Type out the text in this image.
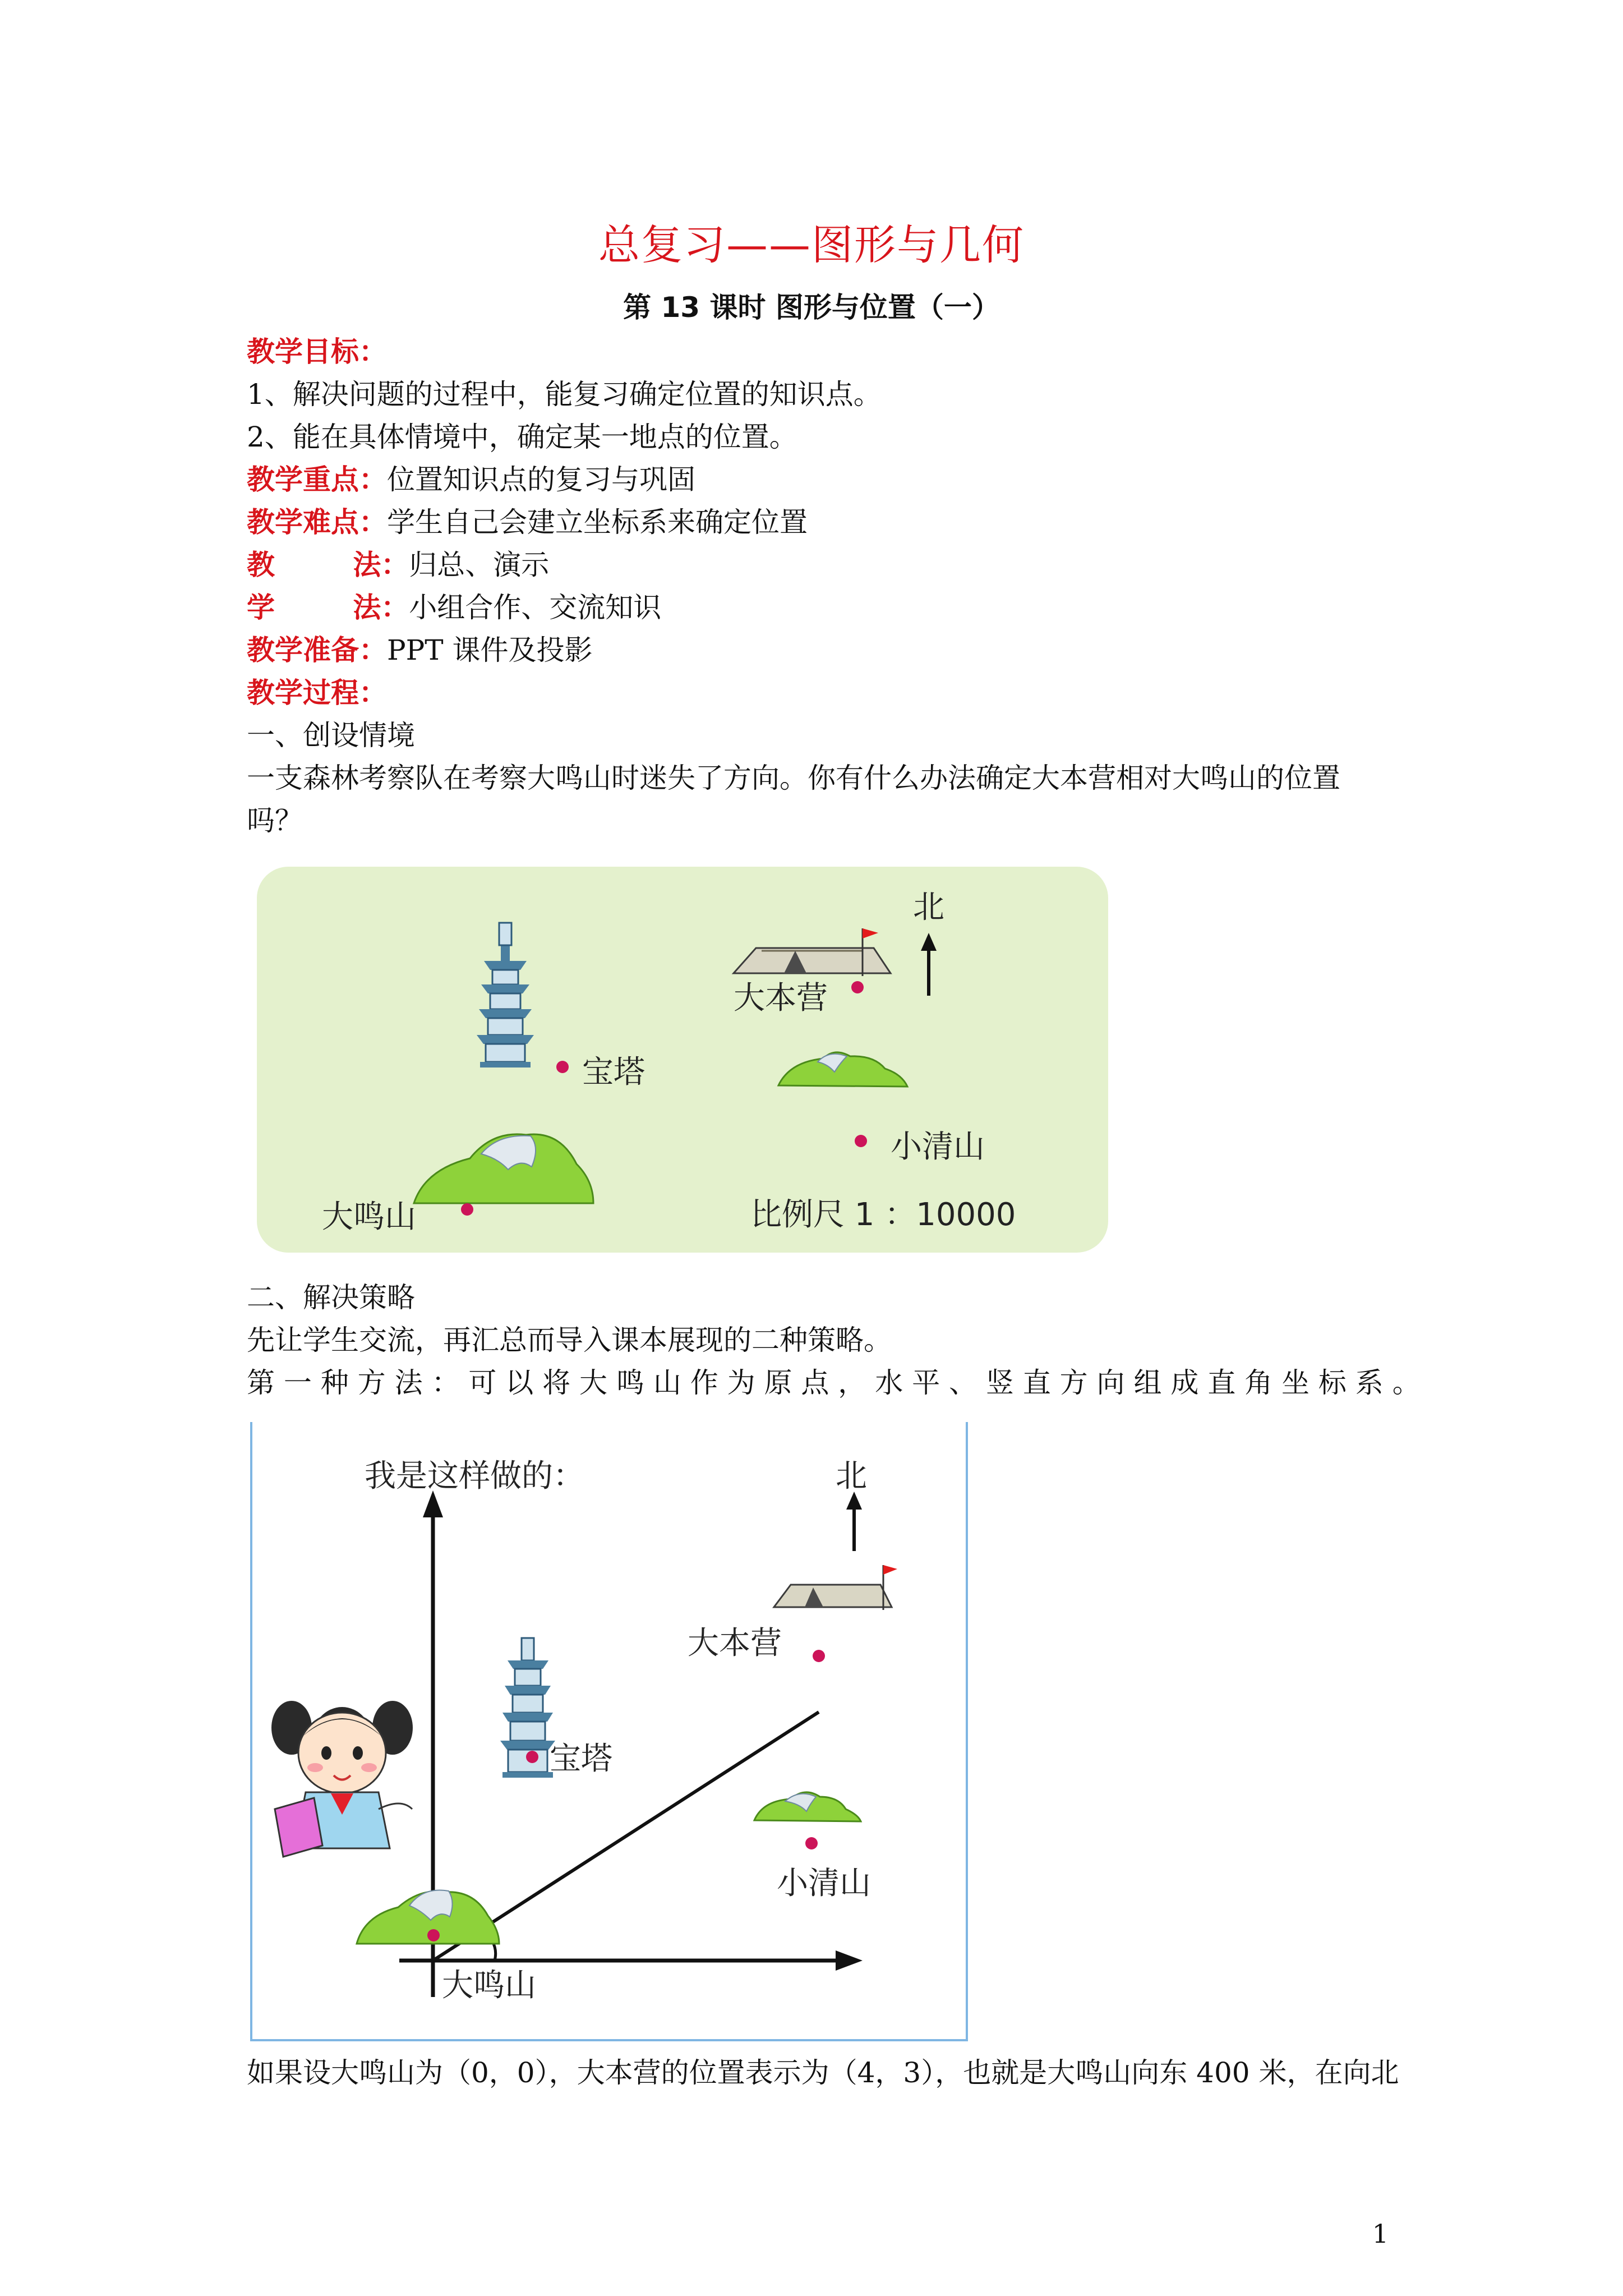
总复习——图形与几何
第 13 课时 图形与位置（一）
教学目标：
1、解决问题的过程中，能复习确定位置的知识点。
2、能在具体情境中，确定某一地点的位置。
教学重点：位置知识点的复习与巩固
教学难点：学生自己会建立坐标系来确定位置
教        法：归总、演示
学        法：小组合作、交流知识
教学准备：PPT 课件及投影
教学过程：
一、创设情境
一支森林考察队在考察大鸣山时迷失了方向。你有什么办法确定大本营相对大鸣山的位置
吗？
北
大本营
宝塔
小清山
大鸣山	比例尺 1 ：10000
二、解决策略
先让学生交流，再汇总而导入课本展现的二种策略。
第 一 种 方 法 ： 可 以 将 大 鸣 山 作 为 原 点 ， 水 平 、 竖 直 方 向 组 成 直 角 坐 标 系 。
我是这样做的：	北
大本营
宝塔
小清山
大鸣山
如果设大鸣山为（0，0），大本营的位置表示为（4，3），也就是大鸣山向东 400 米，在向北
1
